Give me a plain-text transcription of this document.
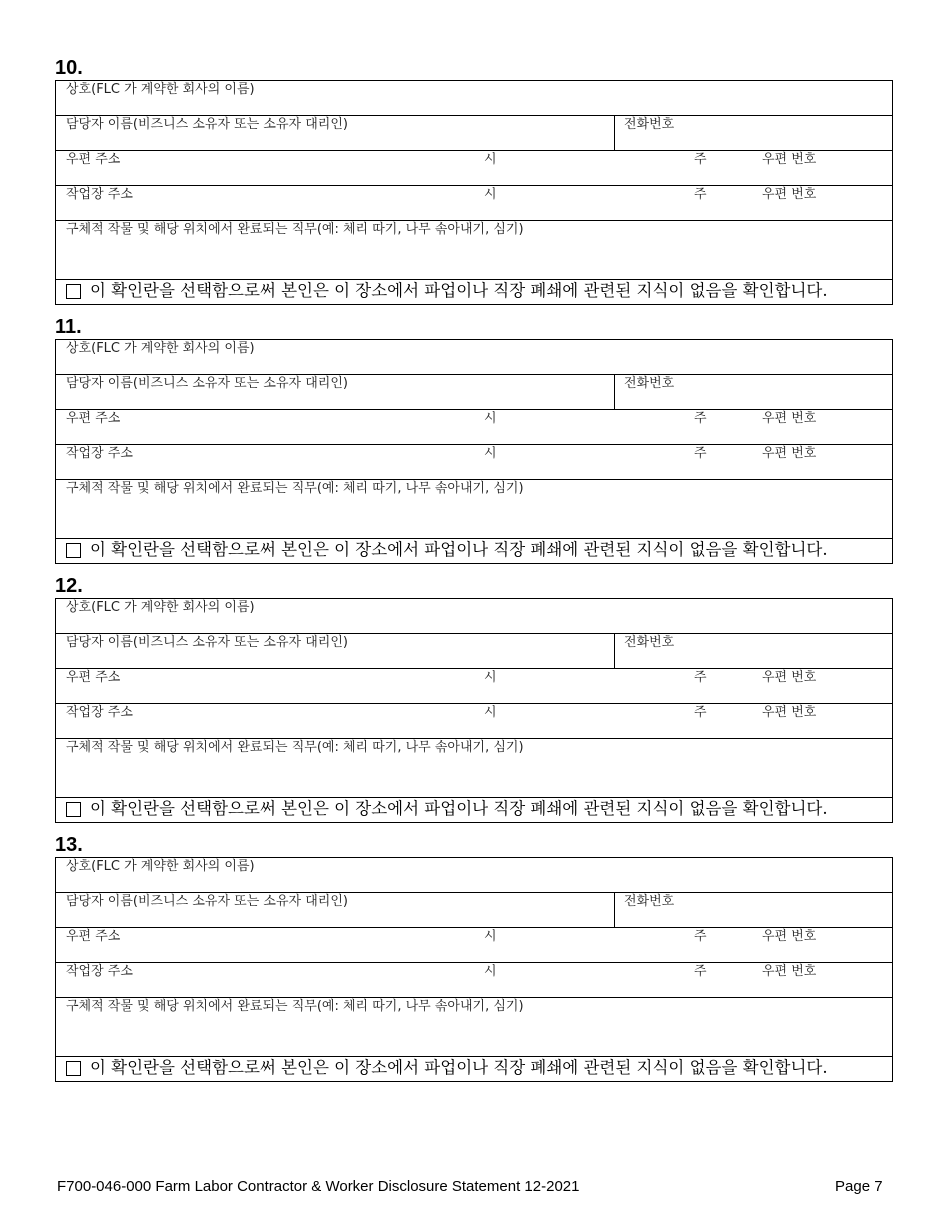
10.
상호(FLC 가 계약한 회사의 이름)
담당자 이름(비즈니스 소유자 또는 소유자 대리인)	전화번호
우편 주소	시	주	우편 번호
작업장 주소	시	주	우편 번호
구체적 작물 및 해당 위치에서 완료되는 직무(예: 체리 따기, 나무 솎아내기, 심기)
이 확인란을 선택함으로써 본인은 이 장소에서 파업이나 직장 폐쇄에 관련된 지식이 없음을 확인합니다.
11.
상호(FLC 가 계약한 회사의 이름)
담당자 이름(비즈니스 소유자 또는 소유자 대리인)	전화번호
우편 주소	시	주	우편 번호
작업장 주소	시	주	우편 번호
구체적 작물 및 해당 위치에서 완료되는 직무(예: 체리 따기, 나무 솎아내기, 심기)
이 확인란을 선택함으로써 본인은 이 장소에서 파업이나 직장 폐쇄에 관련된 지식이 없음을 확인합니다.
12.
상호(FLC 가 계약한 회사의 이름)
담당자 이름(비즈니스 소유자 또는 소유자 대리인)	전화번호
우편 주소	시	주	우편 번호
작업장 주소	시	주	우편 번호
구체적 작물 및 해당 위치에서 완료되는 직무(예: 체리 따기, 나무 솎아내기, 심기)
이 확인란을 선택함으로써 본인은 이 장소에서 파업이나 직장 폐쇄에 관련된 지식이 없음을 확인합니다.
13.
상호(FLC 가 계약한 회사의 이름)
담당자 이름(비즈니스 소유자 또는 소유자 대리인)	전화번호
우편 주소	시	주	우편 번호
작업장 주소	시	주	우편 번호
구체적 작물 및 해당 위치에서 완료되는 직무(예: 체리 따기, 나무 솎아내기, 심기)
이 확인란을 선택함으로써 본인은 이 장소에서 파업이나 직장 폐쇄에 관련된 지식이 없음을 확인합니다.
F700-046-000 Farm Labor Contractor & Worker Disclosure Statement 12-2021	Page 7
